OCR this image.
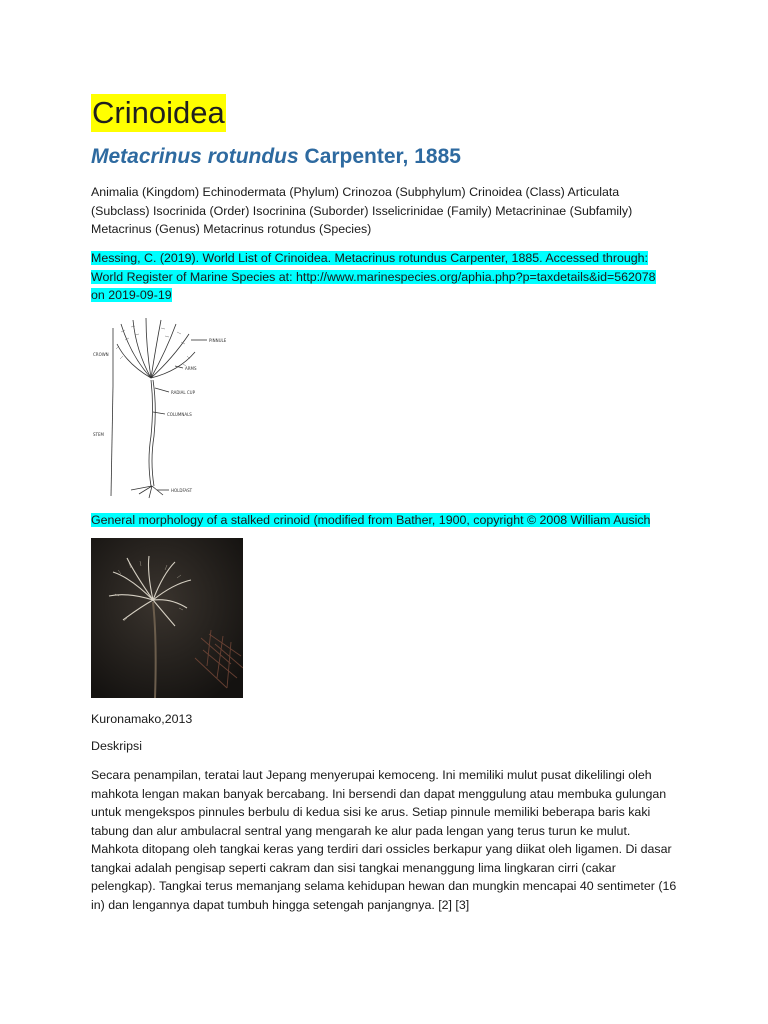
Crinoidea
Metacrinus rotundus Carpenter, 1885
Animalia (Kingdom) Echinodermata (Phylum) Crinozoa (Subphylum) Crinoidea (Class) Articulata (Subclass) Isocrinida (Order) Isocrinina (Suborder) Isselicrinidae (Family) Metacrininae (Subfamily) Metacrinus (Genus) Metacrinus rotundus (Species)
Messing, C. (2019). World List of Crinoidea. Metacrinus rotundus Carpenter, 1885. Accessed through: World Register of Marine Species at: http://www.marinespecies.org/aphia.php?p=taxdetails&id=562078 on 2019-09-19
CROWN
STEM
PINNULE
ARMS
RADIAL CUP
COLUMNALS
HOLDFAST
General morphology of a stalked crinoid (modified from Bather, 1900, copyright © 2008 William Ausich
Kuronamako,2013
Deskripsi
Secara penampilan, teratai laut Jepang menyerupai kemoceng. Ini memiliki mulut pusat dikelilingi oleh mahkota lengan makan banyak bercabang. Ini bersendi dan dapat menggulung atau membuka gulungan untuk mengekspos pinnules berbulu di kedua sisi ke arus. Setiap pinnule memiliki beberapa baris kaki tabung dan alur ambulacral sentral yang mengarah ke alur pada lengan yang terus turun ke mulut. Mahkota ditopang oleh tangkai keras yang terdiri dari ossicles berkapur yang diikat oleh ligamen. Di dasar tangkai adalah pengisap seperti cakram dan sisi tangkai menanggung lima lingkaran cirri (cakar pelengkap). Tangkai terus memanjang selama kehidupan hewan dan mungkin mencapai 40 sentimeter (16 in) dan lengannya dapat tumbuh hingga setengah panjangnya. [2] [3]
